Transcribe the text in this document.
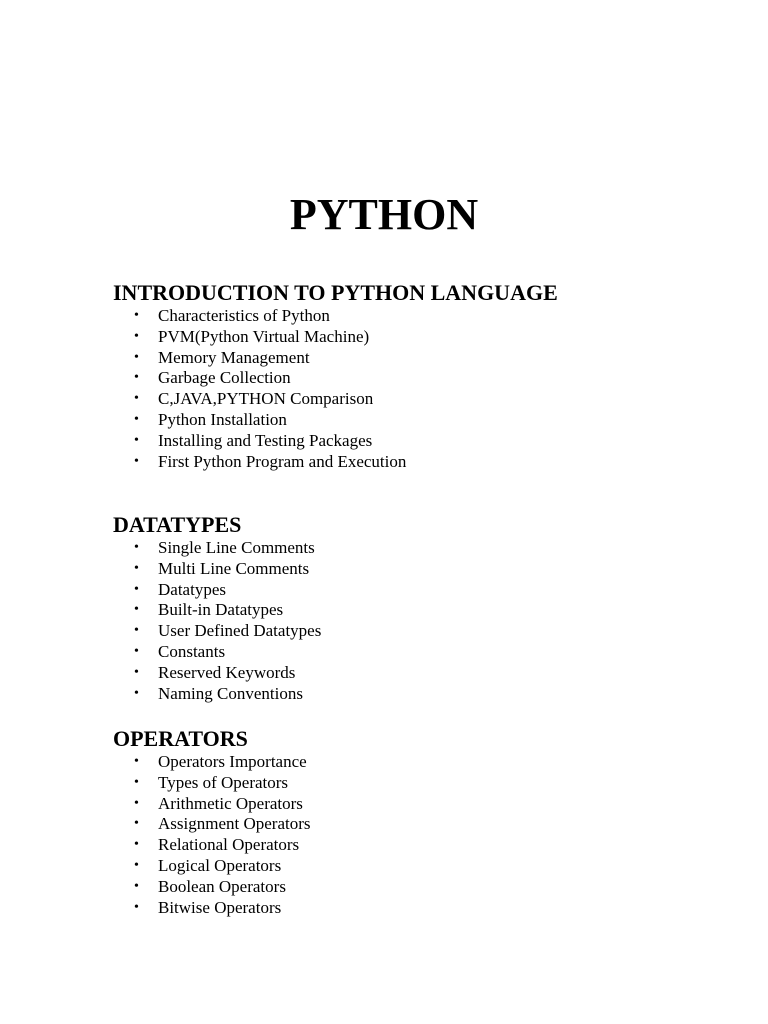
PYTHON
INTRODUCTION TO PYTHON LANGUAGE
• Characteristics of Python
• PVM(Python Virtual Machine)
• Memory Management
• Garbage Collection
• C,JAVA,PYTHON Comparison
• Python Installation
• Installing and Testing Packages
• First Python Program and Execution
DATATYPES
• Single Line Comments
• Multi Line Comments
• Datatypes
• Built-in Datatypes
• User Defined Datatypes
• Constants
• Reserved Keywords
• Naming Conventions
OPERATORS
• Operators Importance
• Types of Operators
• Arithmetic Operators
• Assignment Operators
• Relational Operators
• Logical Operators
• Boolean Operators
• Bitwise Operators
